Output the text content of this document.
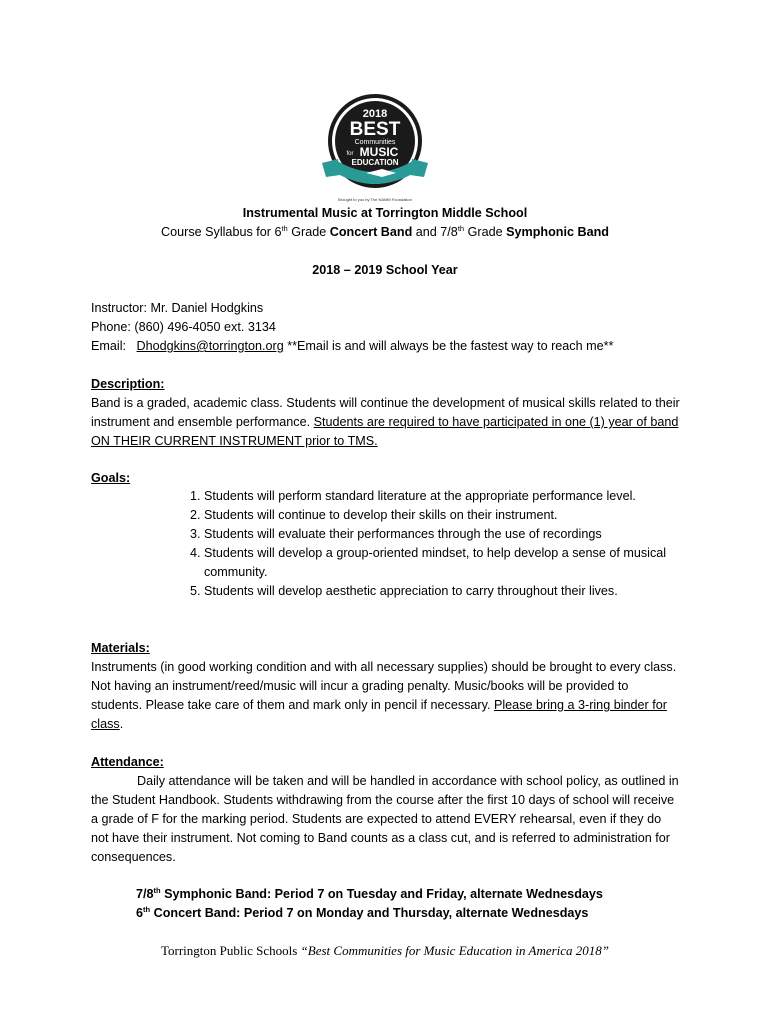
2018
BEST
Communities
for MUSIC
EDUCATION
Brought to you by The NAMM Foundation
Instrumental Music at Torrington Middle School
Course Syllabus for 6th Grade Concert Band and 7/8th Grade Symphonic Band
2018 – 2019 School Year
Instructor: Mr. Daniel Hodgkins
Phone: (860) 496-4050 ext. 3134
Email:   Dhodgkins@torrington.org **Email is and will always be the fastest way to reach me**
Description:
Band is a graded, academic class. Students will continue the development of musical skills related to their instrument and ensemble performance. Students are required to have participated in one (1) year of band ON THEIR CURRENT INSTRUMENT prior to TMS.
Goals:
1. Students will perform standard literature at the appropriate performance level.
2. Students will continue to develop their skills on their instrument.
3. Students will evaluate their performances through the use of recordings
4. Students will develop a group-oriented mindset, to help develop a sense of musical community.
5. Students will develop aesthetic appreciation to carry throughout their lives.
Materials:
Instruments (in good working condition and with all necessary supplies) should be brought to every class. Not having an instrument/reed/music will incur a grading penalty. Music/books will be provided to students. Please take care of them and mark only in pencil if necessary. Please bring a 3-ring binder for class.
Attendance:
Daily attendance will be taken and will be handled in accordance with school policy, as outlined in the Student Handbook. Students withdrawing from the course after the first 10 days of school will receive a grade of F for the marking period. Students are expected to attend EVERY rehearsal, even if they do not have their instrument. Not coming to Band counts as a class cut, and is referred to administration for consequences.
7/8th Symphonic Band: Period 7 on Tuesday and Friday, alternate Wednesdays
6th Concert Band: Period 7 on Monday and Thursday, alternate Wednesdays
Torrington Public Schools “Best Communities for Music Education in America 2018”
